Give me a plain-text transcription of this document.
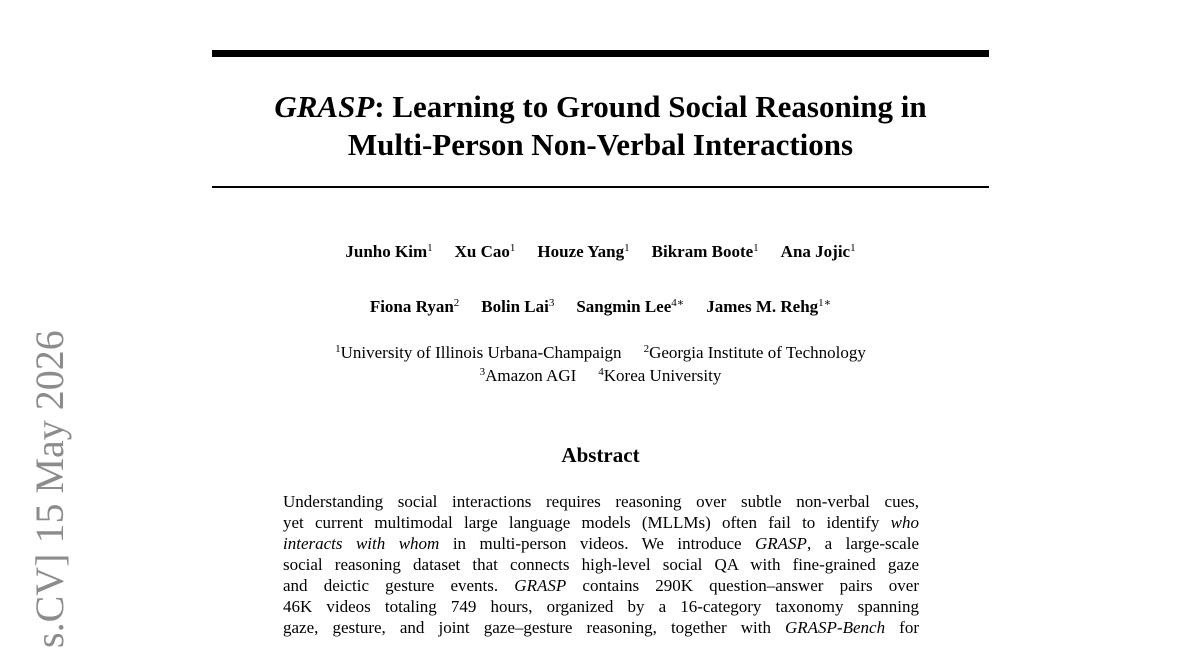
GRASP: Learning to Ground Social Reasoning in
Multi-Person Non-Verbal Interactions
Junho Kim$^1$ Xu Cao$^1$ Houze Yang$^1$ Bikram Boote$^1$ Ana Jojic$^1$
Fiona Ryan$^2$ Bolin Lai$^3$ Sangmin Lee$^{4∗}$ James M. Rehg$^{1∗}$
$^1$University of Illinois Urbana-Champaign $^2$Georgia Institute of Technology
$^3$Amazon AGI $^4$Korea University
Abstract
Understanding social interactions requires reasoning over subtle non-verbal cues,
yet current multimodal large language models (MLLMs) often fail to identify who
interacts with whom in multi-person videos. We introduce GRASP, a large-scale
social reasoning dataset that connects high-level social QA with fine-grained gaze
and deictic gesture events. GRASP contains 290K question–answer pairs over
46K videos totaling 749 hours, organized by a 16-category taxonomy spanning
gaze, gesture, and joint gaze–gesture reasoning, together with GRASP-Bench for
s.CV] 15 May 2026
